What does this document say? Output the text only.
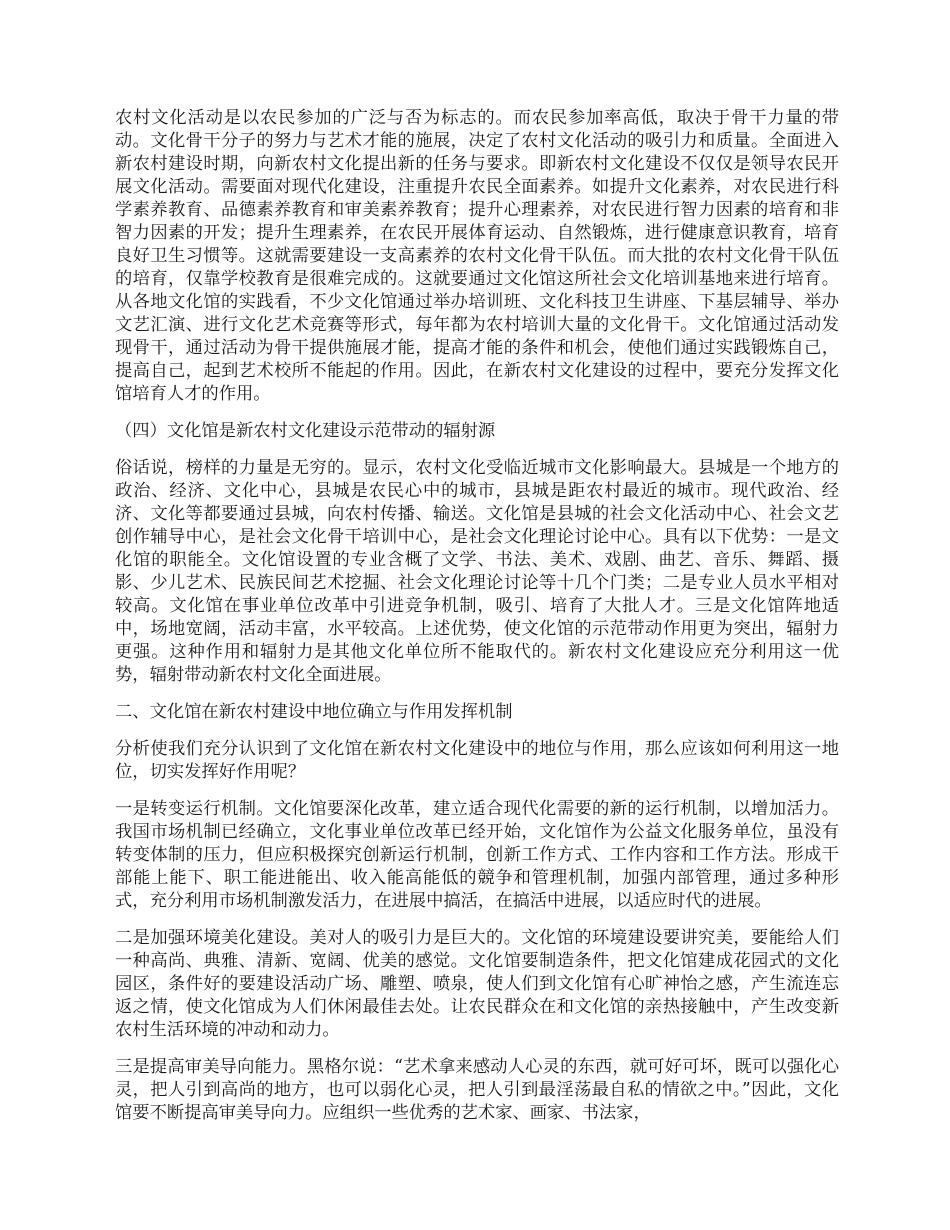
农村文化活动是以农民参加的广泛与否为标志的。而农民参加率高低，取决于骨干力量的带动。文化骨干分子的努力与艺术才能的施展，决定了农村文化活动的吸引力和质量。全面进入新农村建设时期，向新农村文化提出新的任务与要求。即新农村文化建设不仅仅是领导农民开展文化活动。需要面对现代化建设，注重提升农民全面素养。如提升文化素养，对农民进行科学素养教育、品德素养教育和审美素养教育；提升心理素养，对农民进行智力因素的培育和非智力因素的开发；提升生理素养，在农民开展体育运动、自然锻炼，进行健康意识教育，培育良好卫生习惯等。这就需要建设一支高素养的农村文化骨干队伍。而大批的农村文化骨干队伍的培育，仅靠学校教育是很难完成的。这就要通过文化馆这所社会文化培训基地来进行培育。从各地文化馆的实践看，不少文化馆通过举办培训班、文化科技卫生讲座、下基层辅导、举办文艺汇演、进行文化艺术竞赛等形式，每年都为农村培训大量的文化骨干。文化馆通过活动发现骨干，通过活动为骨干提供施展才能，提高才能的条件和机会，使他们通过实践锻炼自己，提高自己，起到艺术校所不能起的作用。因此，在新农村文化建设的过程中，要充分发挥文化馆培育人才的作用。

（四）文化馆是新农村文化建设示范带动的辐射源

俗话说，榜样的力量是无穷的。显示，农村文化受临近城市文化影响最大。县城是一个地方的政治、经济、文化中心，县城是农民心中的城市，县城是距农村最近的城市。现代政治、经济、文化等都要通过县城，向农村传播、输送。文化馆是县城的社会文化活动中心、社会文艺创作辅导中心，是社会文化骨干培训中心，是社会文化理论讨论中心。具有以下优势：一是文化馆的职能全。文化馆设置的专业含概了文学、书法、美术、戏剧、曲艺、音乐、舞蹈、摄影、少儿艺术、民族民间艺术挖掘、社会文化理论讨论等十几个门类；二是专业人员水平相对较高。文化馆在事业单位改革中引进竞争机制，吸引、培育了大批人才。三是文化馆阵地适中，场地宽阔，活动丰富，水平较高。上述优势，使文化馆的示范带动作用更为突出，辐射力更强。这种作用和辐射力是其他文化单位所不能取代的。新农村文化建设应充分利用这一优势，辐射带动新农村文化全面进展。

二、文化馆在新农村建设中地位确立与作用发挥机制

分析使我们充分认识到了文化馆在新农村文化建设中的地位与作用，那么应该如何利用这一地位，切实发挥好作用呢？

一是转变运行机制。文化馆要深化改革，建立适合现代化需要的新的运行机制，以增加活力。我国市场机制已经确立，文化事业单位改革已经开始，文化馆作为公益文化服务单位，虽没有转变体制的压力，但应积极探究创新运行机制，创新工作方式、工作内容和工作方法。形成干部能上能下、职工能进能出、收入能高能低的競争和管理机制，加强内部管理，通过多种形式，充分利用市场机制激发活力，在进展中搞活，在搞活中进展，以适应时代的进展。

二是加强环境美化建设。美对人的吸引力是巨大的。文化馆的环境建设要讲究美，要能给人们一种高尚、典雅、清新、宽阔、优美的感觉。文化馆要制造条件，把文化馆建成花园式的文化园区，条件好的要建设活动广场、雕塑、喷泉，使人们到文化馆有心旷神怡之感，产生流连忘返之情，使文化馆成为人们休闲最佳去处。让农民群众在和文化馆的亲热接触中，产生改变新农村生活环境的冲动和动力。

三是提高审美导向能力。黑格尔说：“艺术拿来感动人心灵的东西，就可好可坏，既可以强化心灵，把人引到高尚的地方，也可以弱化心灵，把人引到最淫荡最自私的情欲之中。”因此，文化馆要不断提高审美导向力。应组织一些优秀的艺术家、画家、书法家，
